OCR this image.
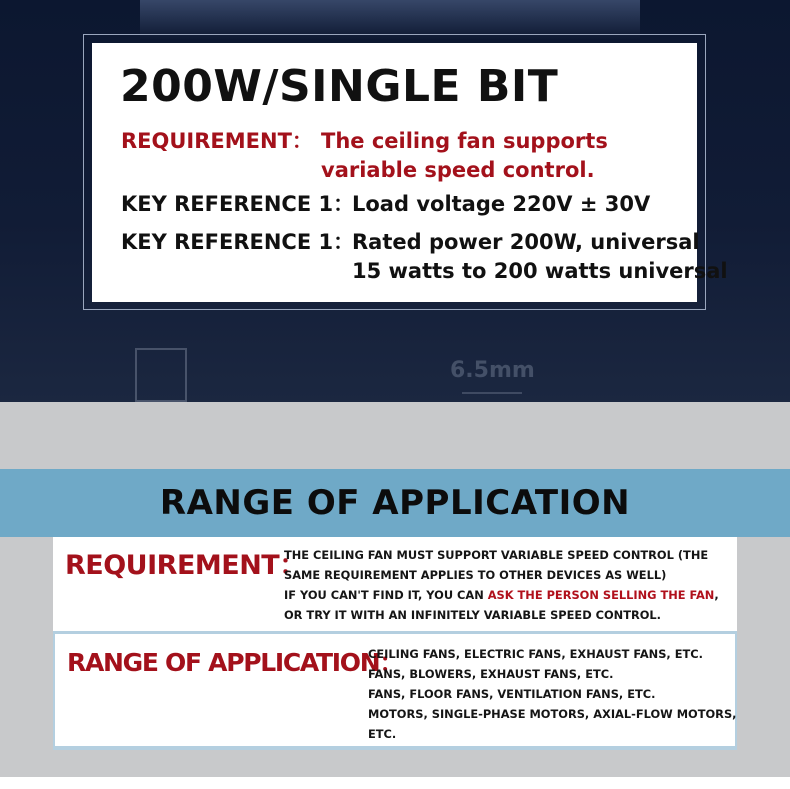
6.5mm
200W/SINGLE BIT
REQUIREMENT： The ceiling fan supports
variable speed control.
KEY REFERENCE 1：
Load voltage 220V ± 30V
KEY REFERENCE 1：
Rated power 200W, universal
15 watts to 200 watts universal
RANGE OF APPLICATION
REQUIREMENT：
THE CEILING FAN MUST SUPPORT VARIABLE SPEED CONTROL (THE
SAME REQUIREMENT APPLIES TO OTHER DEVICES AS WELL)
IF YOU CAN'T FIND IT, YOU CAN ASK THE PERSON SELLING THE FAN,
OR TRY IT WITH AN INFINITELY VARIABLE SPEED CONTROL.
RANGE OF APPLICATION：
CEILING FANS, ELECTRIC FANS, EXHAUST FANS, ETC.
FANS, BLOWERS, EXHAUST FANS, ETC.
FANS, FLOOR FANS, VENTILATION FANS, ETC.
MOTORS, SINGLE-PHASE MOTORS, AXIAL-FLOW MOTORS,
ETC.
